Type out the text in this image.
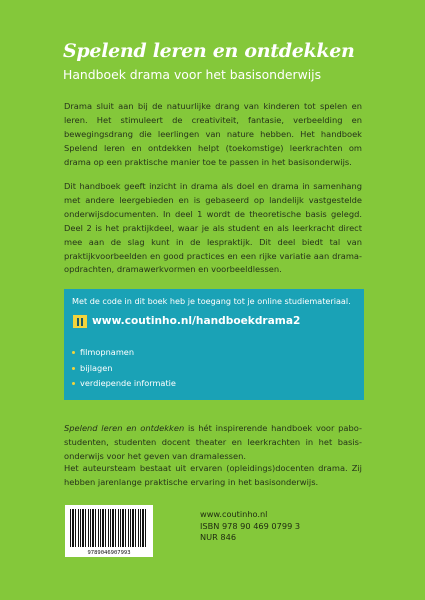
Spelend leren en ontdekken
Handboek drama voor het basisonderwijs

Drama sluit aan bij de natuurlijke drang van kinderen tot spelen en leren. Het stimuleert de creativiteit, fantasie, verbeelding en bewegingsdrang die leerlingen van nature hebben. Het handboek Spelend leren en ontdekken helpt (toekomstige) leerkrachten om drama op een praktische manier toe te passen in het basisonderwijs.

Dit handboek geeft inzicht in drama als doel en drama in samenhang met andere leergebieden en is gebaseerd op landelijk vastgestelde onderwijsdocumenten. In deel 1 wordt de theoretische basis gelegd. Deel 2 is het praktijkdeel, waar je als student en als leerkracht direct mee aan de slag kunt in de lespraktijk. Dit deel biedt tal van praktijkvoorbeelden en good practices en een rijke variatie aan drama-opdrachten, dramawerkvormen en voorbeeldlessen.

Met de code in dit boek heb je toegang tot je online studiemateriaal.
www.coutinho.nl/handboekdrama2
filmopnamen
bijlagen
verdiepende informatie

Spelend leren en ontdekken is hét inspirerende handboek voor pabo-studenten, studenten docent theater en leerkrachten in het basis-onderwijs voor het geven van dramalessen.

Het auteursteam bestaat uit ervaren (opleidings)docenten drama. Zij hebben jarenlange praktische ervaring in het basisonderwijs.

9789046907993
www.coutinho.nl
ISBN 978 90 469 0799 3
NUR 846
